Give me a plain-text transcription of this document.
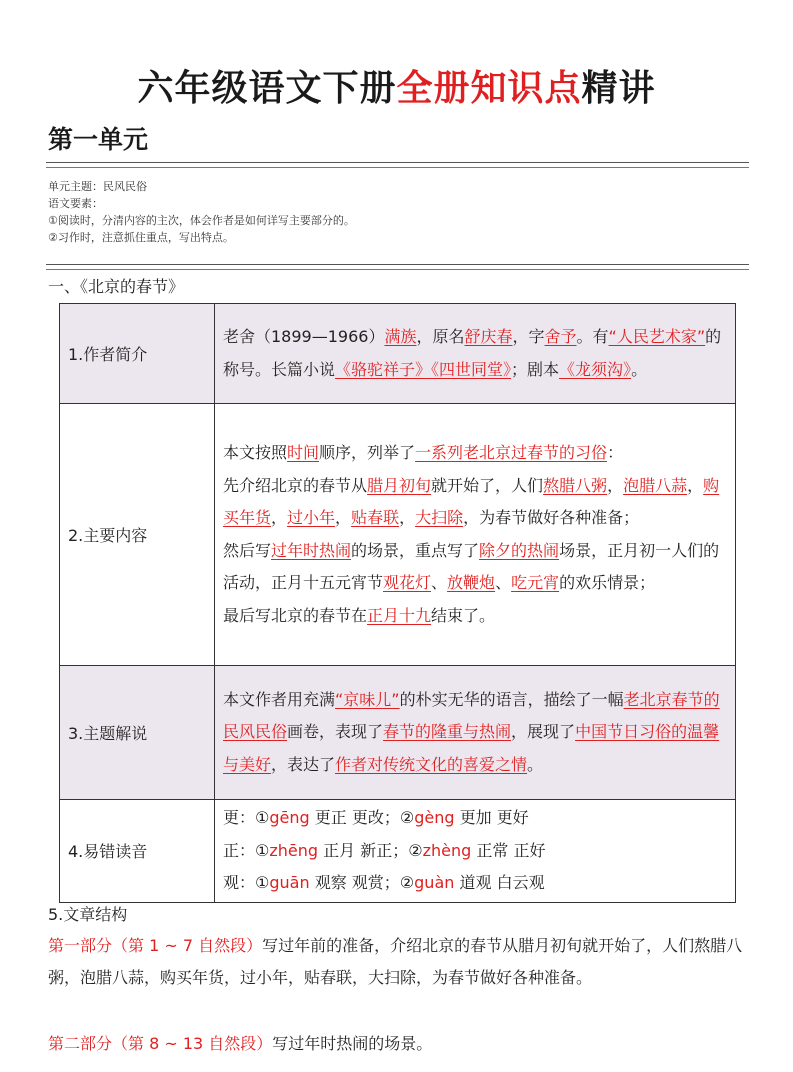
六年级语文下册全册知识点精讲
第一单元
单元主题：民风民俗
语文要素：
①阅读时，分清内容的主次，体会作者是如何详写主要部分的。
②习作时，注意抓住重点，写出特点。
一、《北京的春节》
1.作者简介	老舍（1899—1966）满族，原名舒庆春，字舍予。有“人民艺术家”的称号。长篇小说《骆驼祥子》《四世同堂》；剧本《龙须沟》。
2.主要内容	本文按照时间顺序，列举了一系列老北京过春节的习俗：
先介绍北京的春节从腊月初旬就开始了，人们熬腊八粥，泡腊八蒜，购买年货，过小年，贴春联，大扫除，为春节做好各种准备；
然后写过年时热闹的场景，重点写了除夕的热闹场景，正月初一人们的活动，正月十五元宵节观花灯、放鞭炮、吃元宵的欢乐情景；
最后写北京的春节在正月十九结束了。

3.主题解说	本文作者用充满“京味儿”的朴实无华的语言，描绘了一幅老北京春节的民风民俗画卷，表现了春节的隆重与热闹，展现了中国节日习俗的温馨与美好，表达了作者对传统文化的喜爱之情。
4.易错读音	更：①gēng 更正 更改；②gèng 更加 更好
正：①zhēng 正月 新正；②zhèng 正常 正好
观：①guān 观察 观赏；②guàn 道观 白云观
5.文章结构
第一部分（第 1 ~ 7 自然段）写过年前的准备，介绍北京的春节从腊月初旬就开始了，人们熬腊八粥，泡腊八蒜，购买年货，过小年，贴春联，大扫除，为春节做好各种准备。
第二部分（第 8 ~ 13 自然段）写过年时热闹的场景。
